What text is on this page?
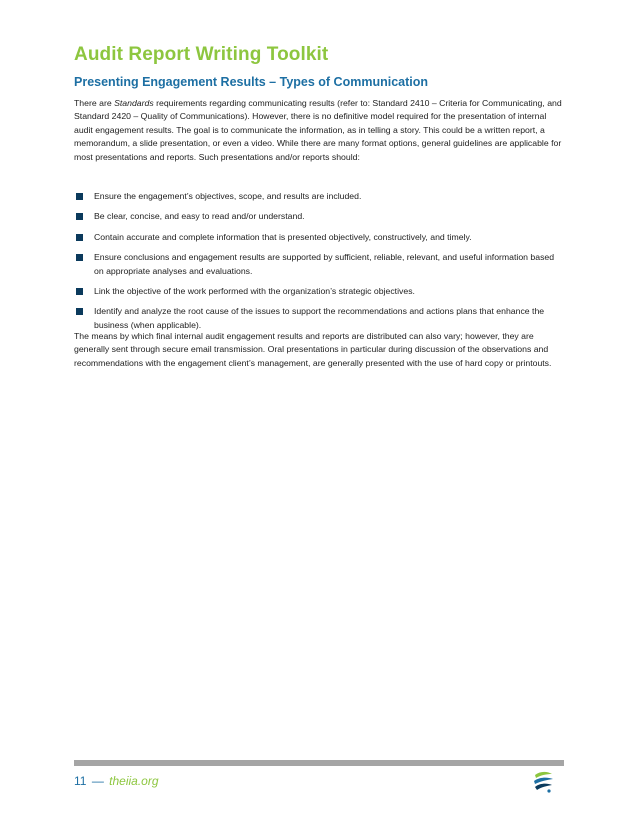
Audit Report Writing Toolkit
Presenting Engagement Results – Types of Communication

There are Standards requirements regarding communicating results (refer to: Standard 2410 – Criteria for Communicating, and Standard 2420 – Quality of Communications). However, there is no definitive model required for the presentation of internal audit engagement results. The goal is to communicate the information, as in telling a story. This could be a written report, a memorandum, a slide presentation, or even a video. While there are many format options, general guidelines are applicable for most presentations and reports. Such presentations and/or reports should:

Ensure the engagement’s objectives, scope, and results are included.
Be clear, concise, and easy to read and/or understand.
Contain accurate and complete information that is presented objectively, constructively, and timely.
Ensure conclusions and engagement results are supported by sufficient, reliable, relevant, and useful information based on appropriate analyses and evaluations.
Link the objective of the work performed with the organization’s strategic objectives.
Identify and analyze the root cause of the issues to support the recommendations and actions plans that enhance the business (when applicable).

The means by which final internal audit engagement results and reports are distributed can also vary; however, they are generally sent through secure email transmission. Oral presentations in particular during discussion of the observations and recommendations with the engagement client’s management, are generally presented with the use of hard copy or printouts.

11 — theiia.org
